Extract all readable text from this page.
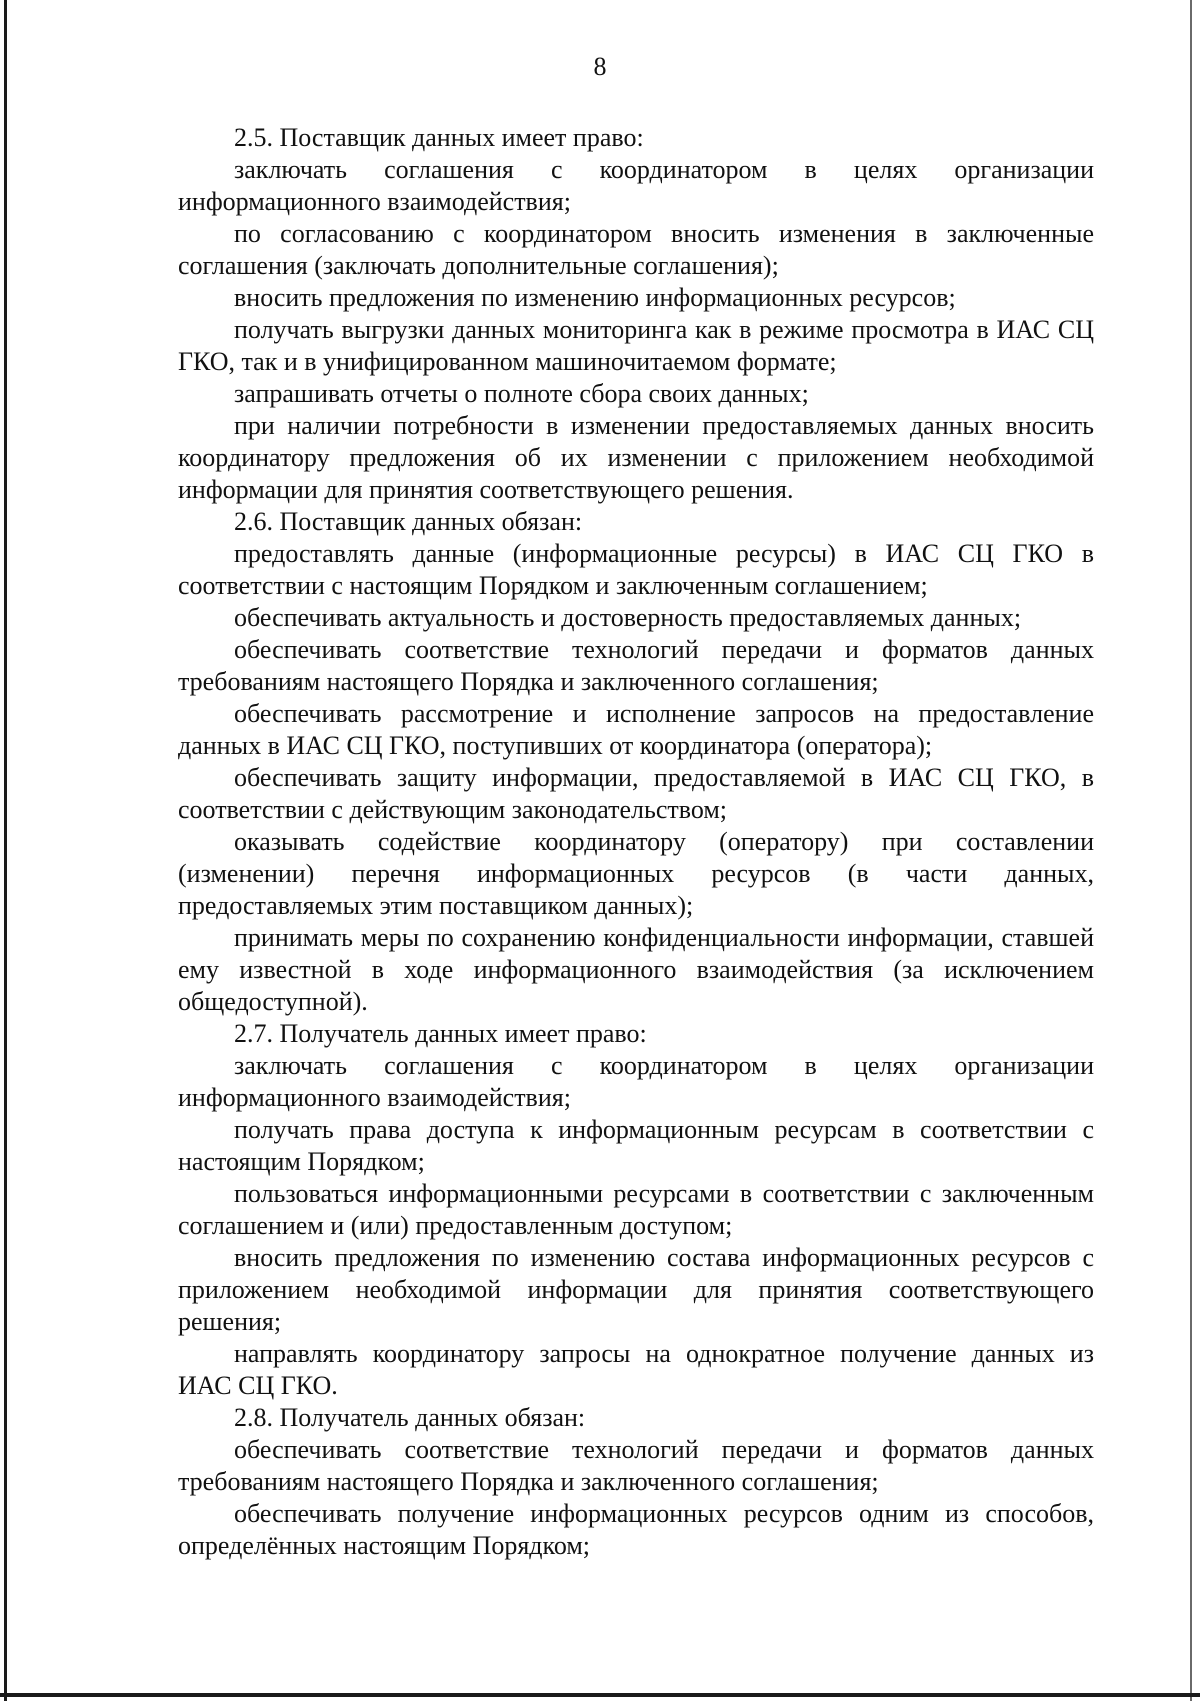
8

2.5. Поставщик данных имеет право:

заключать соглашения с координатором в целях организации информационного взаимодействия;

по согласованию с координатором вносить изменения в заключенные соглашения (заключать дополнительные соглашения);

вносить предложения по изменению информационных ресурсов;

получать выгрузки данных мониторинга как в режиме просмотра в ИАС СЦ ГКО, так и в унифицированном машиночитаемом формате;

запрашивать отчеты о полноте сбора своих данных;

при наличии потребности в изменении предоставляемых данных вносить координатору предложения об их изменении с приложением необходимой информации для принятия соответствующего решения.

2.6. Поставщик данных обязан:

предоставлять данные (информационные ресурсы) в ИАС СЦ ГКО в соответствии с настоящим Порядком и заключенным соглашением;

обеспечивать актуальность и достоверность предоставляемых данных;

обеспечивать соответствие технологий передачи и форматов данных требованиям настоящего Порядка и заключенного соглашения;

обеспечивать рассмотрение и исполнение запросов на предоставление данных в ИАС СЦ ГКО, поступивших от координатора (оператора);

обеспечивать защиту информации, предоставляемой в ИАС СЦ ГКО, в соответствии с действующим законодательством;

оказывать содействие координатору (оператору) при составлении (изменении) перечня информационных ресурсов (в части данных, предоставляемых этим поставщиком данных);

принимать меры по сохранению конфиденциальности информации, ставшей ему известной в ходе информационного взаимодействия (за исключением общедоступной).

2.7. Получатель данных имеет право:

заключать соглашения с координатором в целях организации информационного взаимодействия;

получать права доступа к информационным ресурсам в соответствии с настоящим Порядком;

пользоваться информационными ресурсами в соответствии с заключенным соглашением и (или) предоставленным доступом;

вносить предложения по изменению состава информационных ресурсов с приложением необходимой информации для принятия соответствующего решения;

направлять координатору запросы на однократное получение данных из ИАС СЦ ГКО.

2.8. Получатель данных обязан:

обеспечивать соответствие технологий передачи и форматов данных требованиям настоящего Порядка и заключенного соглашения;

обеспечивать получение информационных ресурсов одним из способов, определённых настоящим Порядком;
